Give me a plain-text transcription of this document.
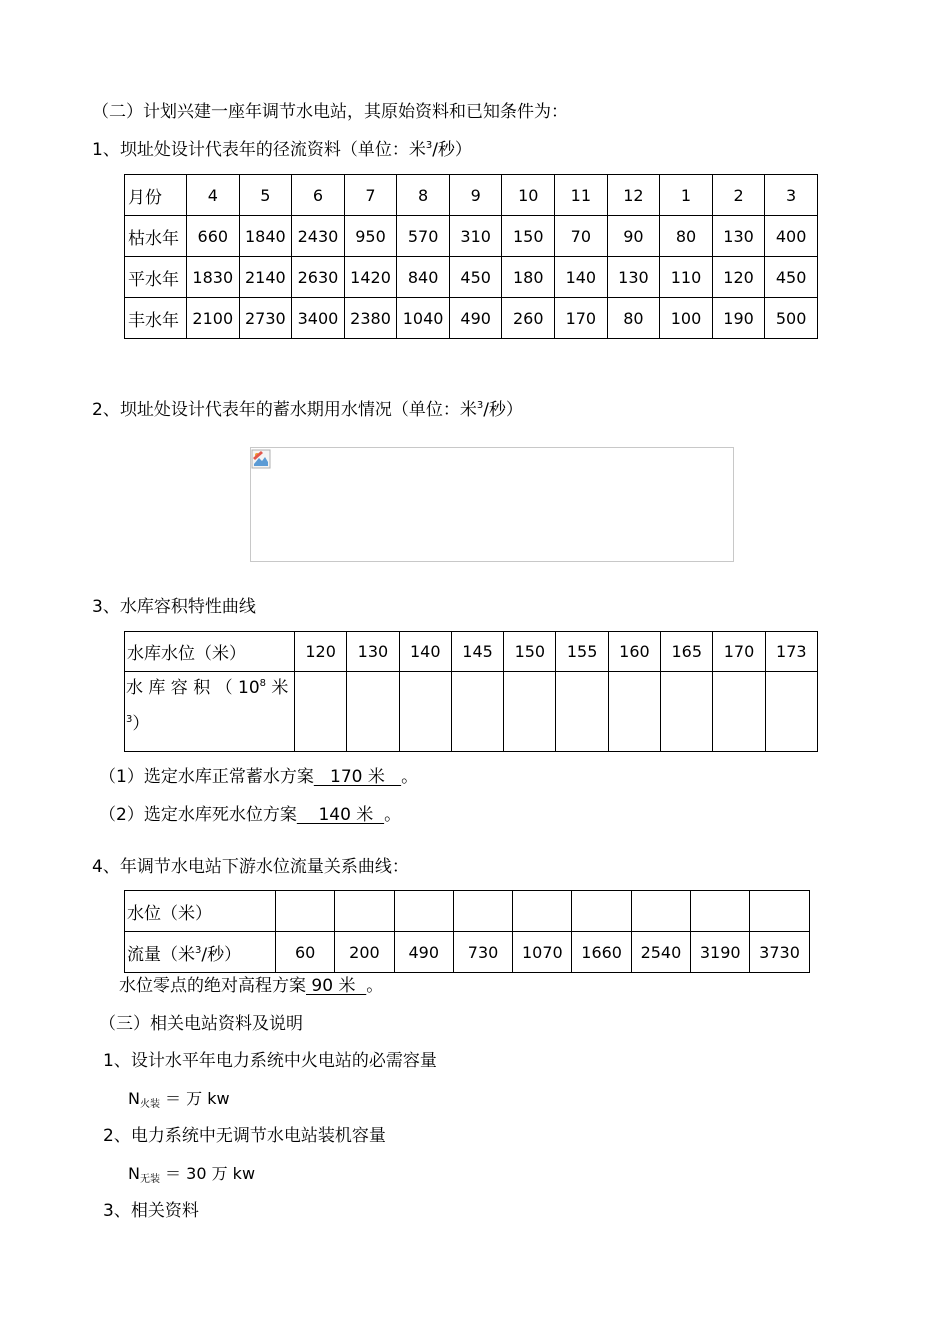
（二）计划兴建一座年调节水电站，其原始资料和已知条件为：
1、坝址处设计代表年的径流资料（单位：米$^3$/秒）
月份	4	5	6	7	8	9	10	11	12	1	2	3
枯水年	660	1840	2430	950	570	310	150	70	90	80	130	400
平水年	1830	2140	2630	1420	840	450	180	140	130	110	120	450
丰水年	2100	2730	3400	2380	1040	490	260	170	80	100	190	500
2、坝址处设计代表年的蓄水期用水情况（单位：米$^3$/秒）
3、水库容积特性曲线
水库水位（米）	120	130	140	145	150	155	160	165	170	173

水 库 容 积 （ $10^8$ 米
$^3$）										

（1）选定水库正常蓄水方案   170 米   。
（2）选定水库死水位方案    140 米  。
4、年调节水电站下游水位流量关系曲线：
水位（米）									
流量（米$^3$/秒）	60	200	490	730	1070	1660	2540	3190	3730
水位零点的绝对高程方案 90 米  。
（三）相关电站资料及说明
1、设计水平年电力系统中火电站的必需容量
$N_{火装}$ ＝ 万 kw
2、电力系统中无调节水电站装机容量
$N_{无装} = 30$ 万 kw
3、相关资料
